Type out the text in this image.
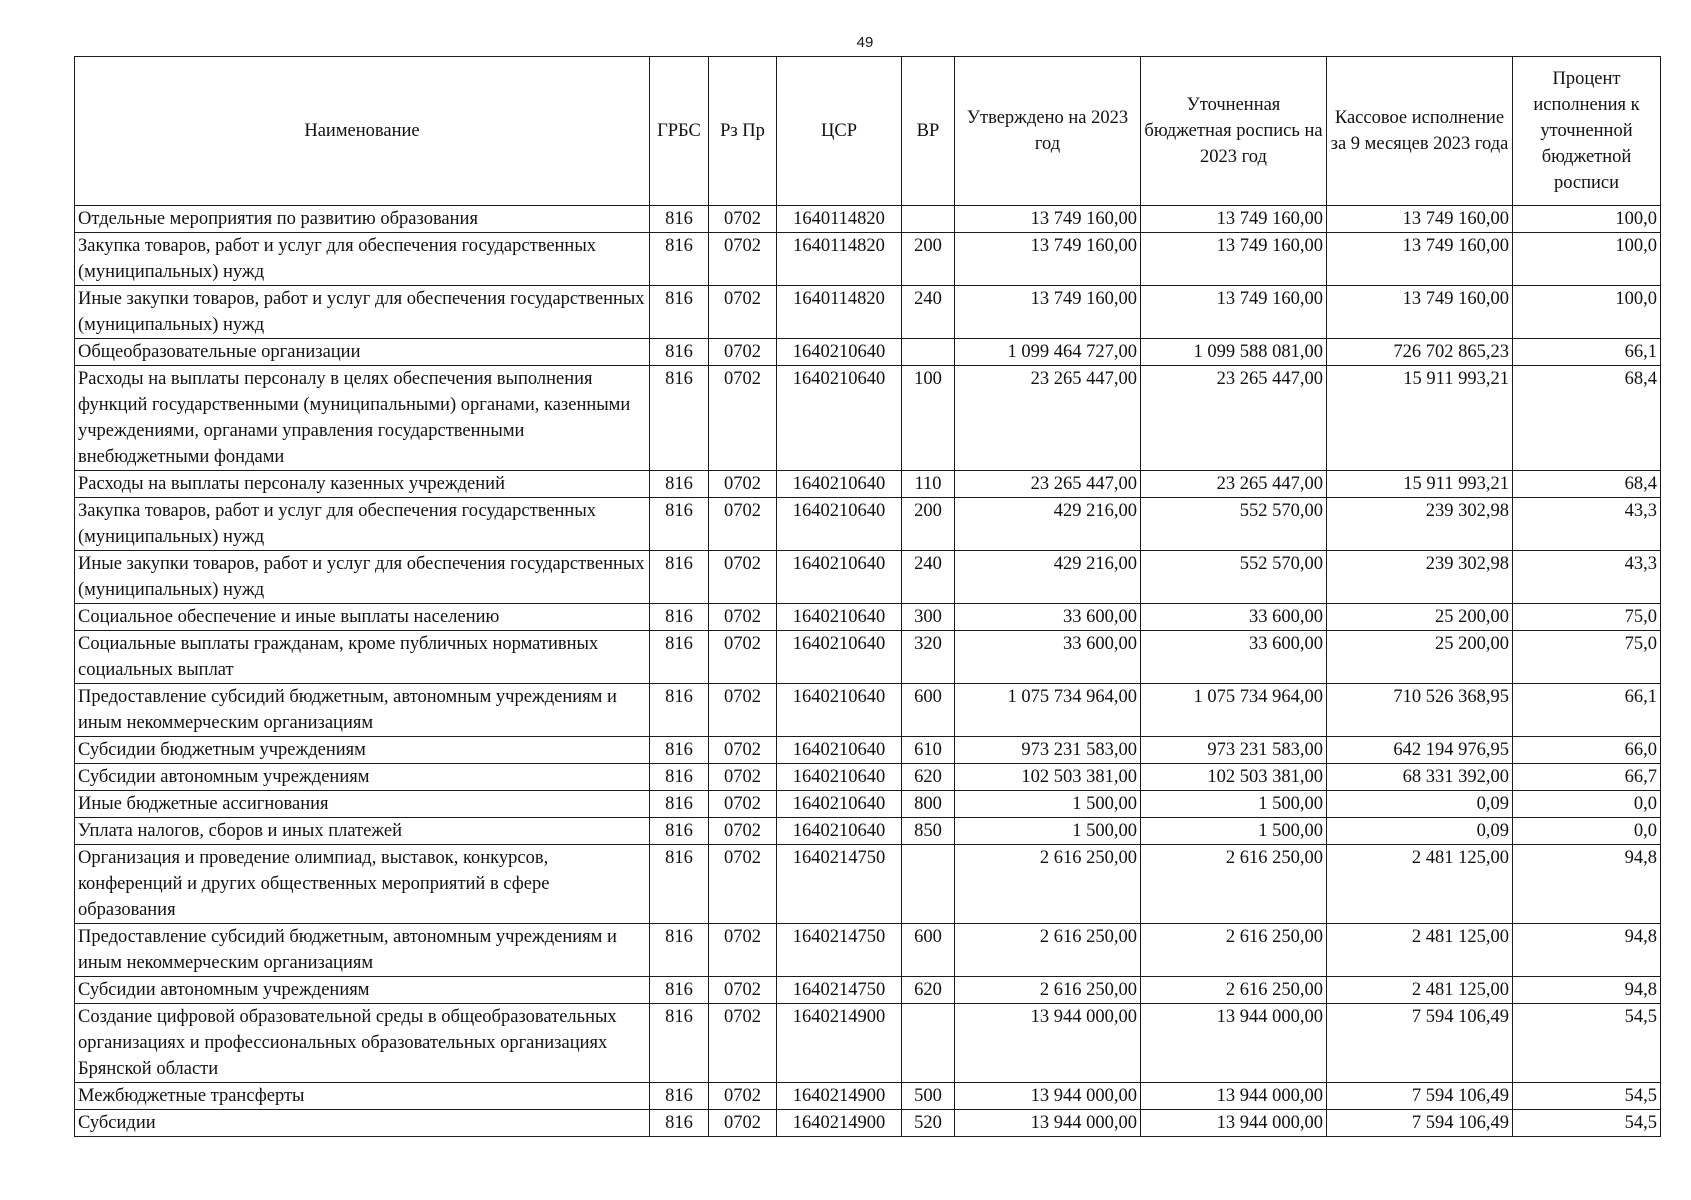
49
Наименование	ГРБС	Рз Пр	ЦСР	ВР	Утверждено на 2023 год	Уточненная бюджетная роспись на 2023 год	Кассовое исполнение за 9 месяцев 2023 года	Процент исполнения к уточненной бюджетной росписи
Отдельные мероприятия по развитию образования	816	0702	1640114820		13 749 160,00	13 749 160,00	13 749 160,00	100,0
Закупка товаров, работ и услуг для обеспечения государственных (муниципальных) нужд	816	0702	1640114820	200	13 749 160,00	13 749 160,00	13 749 160,00	100,0
Иные закупки товаров, работ и услуг для обеспечения государственных (муниципальных) нужд	816	0702	1640114820	240	13 749 160,00	13 749 160,00	13 749 160,00	100,0
Общеобразовательные организации	816	0702	1640210640		1 099 464 727,00	1 099 588 081,00	726 702 865,23	66,1
Расходы на выплаты персоналу в целях обеспечения выполнения функций государственными (муниципальными) органами, казенными учреждениями, органами управления государственными внебюджетными фондами	816	0702	1640210640	100	23 265 447,00	23 265 447,00	15 911 993,21	68,4
Расходы на выплаты персоналу казенных учреждений	816	0702	1640210640	110	23 265 447,00	23 265 447,00	15 911 993,21	68,4
Закупка товаров, работ и услуг для обеспечения государственных (муниципальных) нужд	816	0702	1640210640	200	429 216,00	552 570,00	239 302,98	43,3
Иные закупки товаров, работ и услуг для обеспечения государственных (муниципальных) нужд	816	0702	1640210640	240	429 216,00	552 570,00	239 302,98	43,3
Социальное обеспечение и иные выплаты населению	816	0702	1640210640	300	33 600,00	33 600,00	25 200,00	75,0
Социальные выплаты гражданам, кроме публичных нормативных социальных выплат	816	0702	1640210640	320	33 600,00	33 600,00	25 200,00	75,0
Предоставление субсидий бюджетным, автономным учреждениям и иным некоммерческим организациям	816	0702	1640210640	600	1 075 734 964,00	1 075 734 964,00	710 526 368,95	66,1
Субсидии бюджетным учреждениям	816	0702	1640210640	610	973 231 583,00	973 231 583,00	642 194 976,95	66,0
Субсидии автономным учреждениям	816	0702	1640210640	620	102 503 381,00	102 503 381,00	68 331 392,00	66,7
Иные бюджетные ассигнования	816	0702	1640210640	800	1 500,00	1 500,00	0,09	0,0
Уплата налогов, сборов и иных платежей	816	0702	1640210640	850	1 500,00	1 500,00	0,09	0,0
Организация и проведение олимпиад, выставок, конкурсов, конференций и других общественных мероприятий в сфере образования	816	0702	1640214750		2 616 250,00	2 616 250,00	2 481 125,00	94,8
Предоставление субсидий бюджетным, автономным учреждениям и иным некоммерческим организациям	816	0702	1640214750	600	2 616 250,00	2 616 250,00	2 481 125,00	94,8
Субсидии автономным учреждениям	816	0702	1640214750	620	2 616 250,00	2 616 250,00	2 481 125,00	94,8
Создание цифровой образовательной среды в общеобразовательных организациях и профессиональных образовательных организациях Брянской области	816	0702	1640214900		13 944 000,00	13 944 000,00	7 594 106,49	54,5
Межбюджетные трансферты	816	0702	1640214900	500	13 944 000,00	13 944 000,00	7 594 106,49	54,5
Субсидии	816	0702	1640214900	520	13 944 000,00	13 944 000,00	7 594 106,49	54,5
